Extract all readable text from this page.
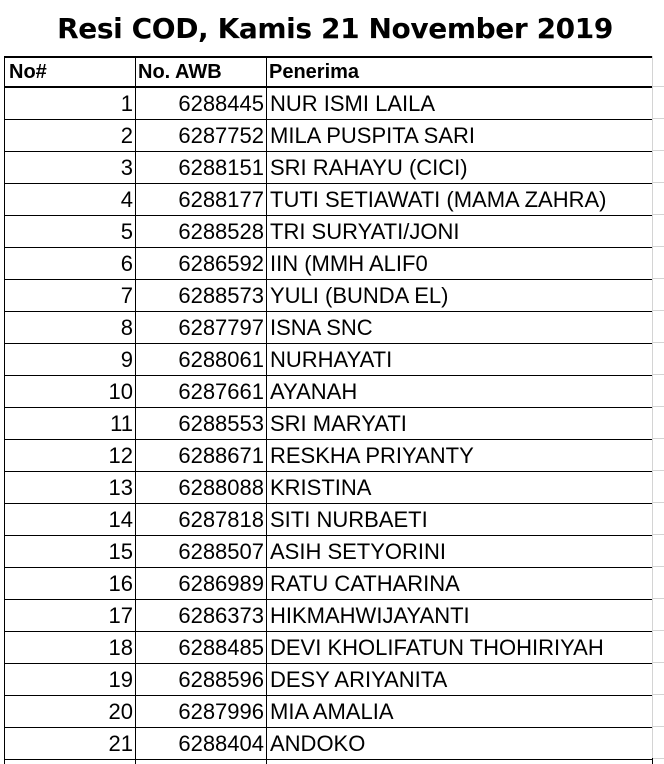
Resi COD, Kamis 21 November 2019
No#	No. AWB	Penerima
1	6288445	NUR ISMI LAILA
2	6287752	MILA PUSPITA SARI
3	6288151	SRI RAHAYU (CICI)
4	6288177	TUTI SETIAWATI (MAMA ZAHRA)
5	6288528	TRI SURYATI/JONI
6	6286592	IIN (MMH ALIF0
7	6288573	YULI (BUNDA EL)
8	6287797	ISNA SNC
9	6288061	NURHAYATI
10	6287661	AYANAH
11	6288553	SRI MARYATI
12	6288671	RESKHA PRIYANTY
13	6288088	KRISTINA
14	6287818	SITI NURBAETI
15	6288507	ASIH SETYORINI
16	6286989	RATU CATHARINA
17	6286373	HIKMAHWIJAYANTI
18	6288485	DEVI KHOLIFATUN THOHIRIYAH
19	6288596	DESY ARIYANITA
20	6287996	MIA AMALIA
21	6288404	ANDOKO
